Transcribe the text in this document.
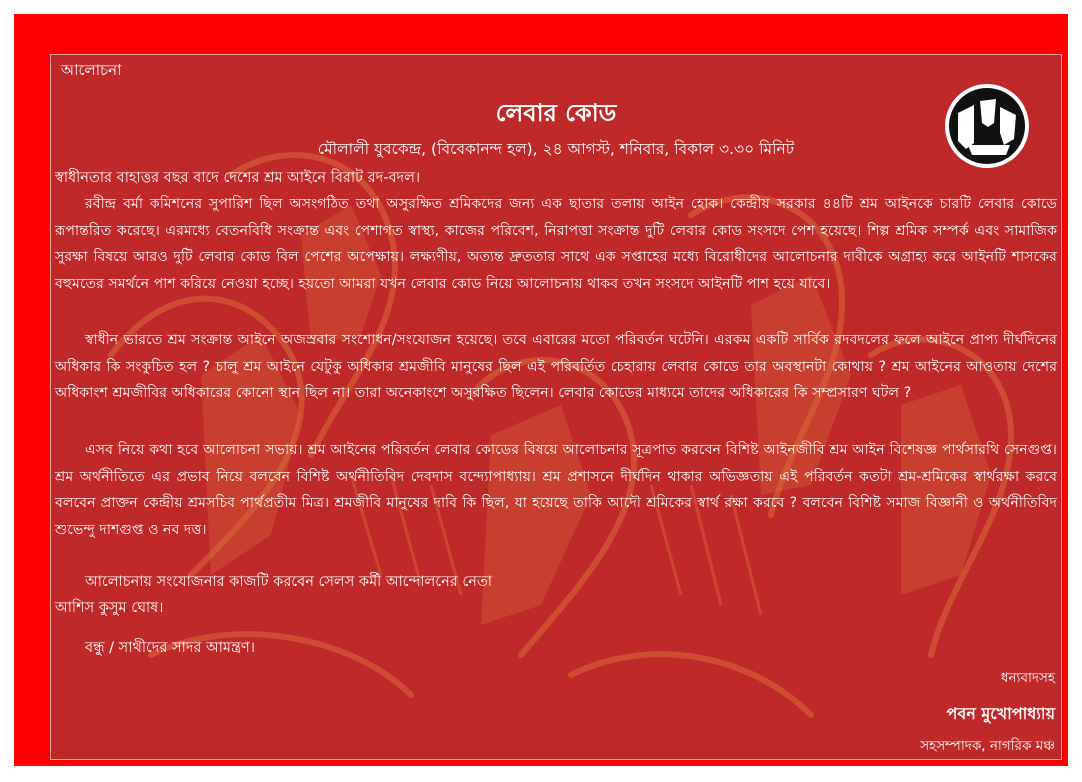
আলোচনা
লেবার কোড
মৌলালী যুবকেন্দ্র, (বিবেকানন্দ হল), ২৪ আগস্ট, শনিবার, বিকাল ৩.৩০ মিনিট
স্বাধীনতার বাহাত্তর বছর বাদে দেশের শ্রম আইনে বিরাট রদ-বদল।
রবীন্দ্র বর্মা কমিশনের সুপারিশ ছিল অসংগঠিত তথা অসুরক্ষিত শ্রমিকদের জন্য এক ছাতার তলায় আইন হোক। কেন্দ্রীয় সরকার ৪৪টি শ্রম আইনকে চারটি লেবার কোডে রূপান্তরিত করেছে। এরমধ্যে বেতনবিধি সংক্রান্ত এবং পেশাগত স্বাস্থ্য, কাজের পরিবেশ, নিরাপত্তা সংক্রান্ত দুটি লেবার কোড সংসদে পেশ হয়েছে। শিল্প শ্রমিক সম্পর্ক এবং সামাজিক সুরক্ষা বিষয়ে আরও দুটি লেবার কোড বিল পেশের অপেক্ষায়। লক্ষ্যণীয়, অত্যন্ত দ্রুততার সাথে এক সপ্তাহের মধ্যে বিরোধীদের আলোচনার দাবীকে অগ্রাহ্য করে আইনটি শাসকের বহুমতের সমর্থনে পাশ করিয়ে নেওয়া হচ্ছে। হয়তো আমরা যখন লেবার কোড নিয়ে আলোচনায় থাকব তখন সংসদে আইনটি পাশ হয়ে যাবে।
স্বাধীন ভারতে শ্রম সংক্রান্ত আইনে অজস্রবার সংশোধন/সংযোজন হয়েছে। তবে এবারের মতো পরিবর্তন ঘটেনি। এরকম একটি সার্বিক রদবদলের ফলে আইনে প্রাপ্য দীর্ঘদিনের অধিকার কি সংকুচিত হল ? চালু শ্রম আইনে যেটুকু অধিকার শ্রমজীবি মানুষের ছিল এই পরিবর্তিত চেহারায় লেবার কোডে তার অবস্থানটা কোথায় ? শ্রম আইনের আওতায় দেশের অধিকাংশ শ্রমজীবির অধিকারের কোনো স্থান ছিল না। তারা অনেকাংশে অসুরক্ষিত ছিলেন। লেবার কোডের মাধ্যমে তাদের অধিকারের কি সম্প্রসারণ ঘটল ?
এসব নিয়ে কথা হবে আলোচনা সভায়। শ্রম আইনের পরিবর্তন লেবার কোডের বিষয়ে আলোচনার সূত্রপাত করবেন বিশিষ্ট আইনজীবি শ্রম আইন বিশেষজ্ঞ পার্থসারথি সেনগুপ্ত। শ্রম অর্থনীতিতে এর প্রভাব নিয়ে বলবেন বিশিষ্ট অর্থনীতিবিদ দেবদাস বন্দ্যোপাধ্যায়। শ্রম প্রশাসনে দীর্ঘদিন থাকার অভিজ্ঞতায় এই পরিবর্তন কতটা শ্রম-শ্রমিকের স্বার্থরক্ষা করবে বলবেন প্রাক্তন কেন্দ্রীয় শ্রমসচিব পার্থপ্রতীম মিত্র। শ্রমজীবি মানুষের দাবি কি ছিল, যা হয়েছে তাকি আদৌ শ্রমিকের স্বার্থ রক্ষা করবে ? বলবেন বিশিষ্ট সমাজ বিজ্ঞানী ও অর্থনীতিবিদ শুভেন্দু দাশগুপ্ত ও নব দত্ত।
আলোচনায় সংযোজনার কাজটি করবেন সেলস কর্মী আন্দোলনের নেতা
আশিস কুসুম ঘোষ।
বন্ধু / সাথীদের সাদর আমন্ত্রণ।
ধন্যবাদসহ
পবন মুখোপাধ্যায়
সহসম্পাদক, নাগরিক মঞ্চ
